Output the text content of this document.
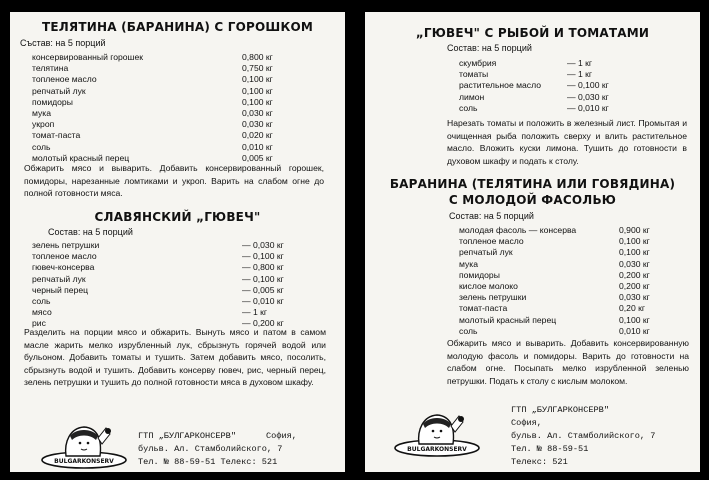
ТЕЛЯТИНА (БАРАНИНА) С ГОРОШКОМ
Състав: на 5 порций
консервированный горошек	0,800 кг
телятина	0,750 кг
топленое масло	0,100 кг
репчатый лук	0,100 кг
помидоры	0,100 кг
мука	0,030 кг
укроп	0,030 кг
томат-паста	0,020 кг
соль	0,010 кг
молотый красный перец	0,005 кг
Обжарить мясо и выварить. Добавить консервированный горошек, помидоры, нарезанные ломтиками и укроп. Варить на слабом огне до полной готовности мяса.
СЛАВЯНСКИЙ „ГЮВЕЧ"
Состав: на 5 порций
зелень петрушки	— 0,030 кг
топленое масло	— 0,100 кг
гювеч-консерва	— 0,800 кг
репчатый лук	— 0,100 кг
черный перец	— 0,005 кг
соль	— 0,010 кг
мясо	— 1 кг
рис	— 0,200 кг
Разделить на порции мясо и обжарить. Вынуть мясо и патом в самом масле жарить мелко изрубленный лук, сбрызнуть горячей водой или бульоном. Добавить томаты и тушить. Затем добавить мясо, посолить, сбрызнуть водой и тушить. Добавить консерву гювеч, рис, черный перец, зелень петрушки и тушить до полной готовности мяса в духовом шкафу.
BULGARKONSERV
ГТП „БУЛГАРКОНСЕРВ"	София,
бульв. Ал. Стамболийского, 7
Тел. № 88-59-51 Телекс: 521
„ГЮВЕЧ" С РЫБОЙ И ТОМАТАМИ
Состав: на 5 порций
скумбрия	— 1 кг
томаты	— 1 кг
растительное масло	— 0,100 кг
лимон	— 0,030 кг
соль	— 0,010 кг
Нарезать томаты и положить в железный лист. Промытая и очищенная рыба положить сверху и влить растительное масло. Вложить куски лимона. Тушить до готовности в духовом шкафу и подать к столу.
БАРАНИНА (ТЕЛЯТИНА ИЛИ ГОВЯДИНА)
С МОЛОДОЙ ФАСОЛЬЮ
Состав: на 5 порций
молодая фасоль — консерва	0,900 кг
топленое масло	0,100 кг
репчатый лук	0,100 кг
мука	0,030 кг
помидоры	0,200 кг
кислое молоко	0,200 кг
зелень петрушки	0,030 кг
томат-паста	0,20 кг
молотый красный перец	0,100 кг
соль	0,010 кг
Обжарить мясо и выварить. Добавить консервированную молодую фасоль и помидоры. Варить до готовности на слабом огне. Посыпать мелко изрубленной зеленью петрушки. Подать к столу с кислым молоком.
BULGARKONSERV
ГТП „БУЛГАРКОНСЕРВ"
София,
бульв. Ал. Стамболийского, 7
Тел. № 88-59-51
Телекс: 521
